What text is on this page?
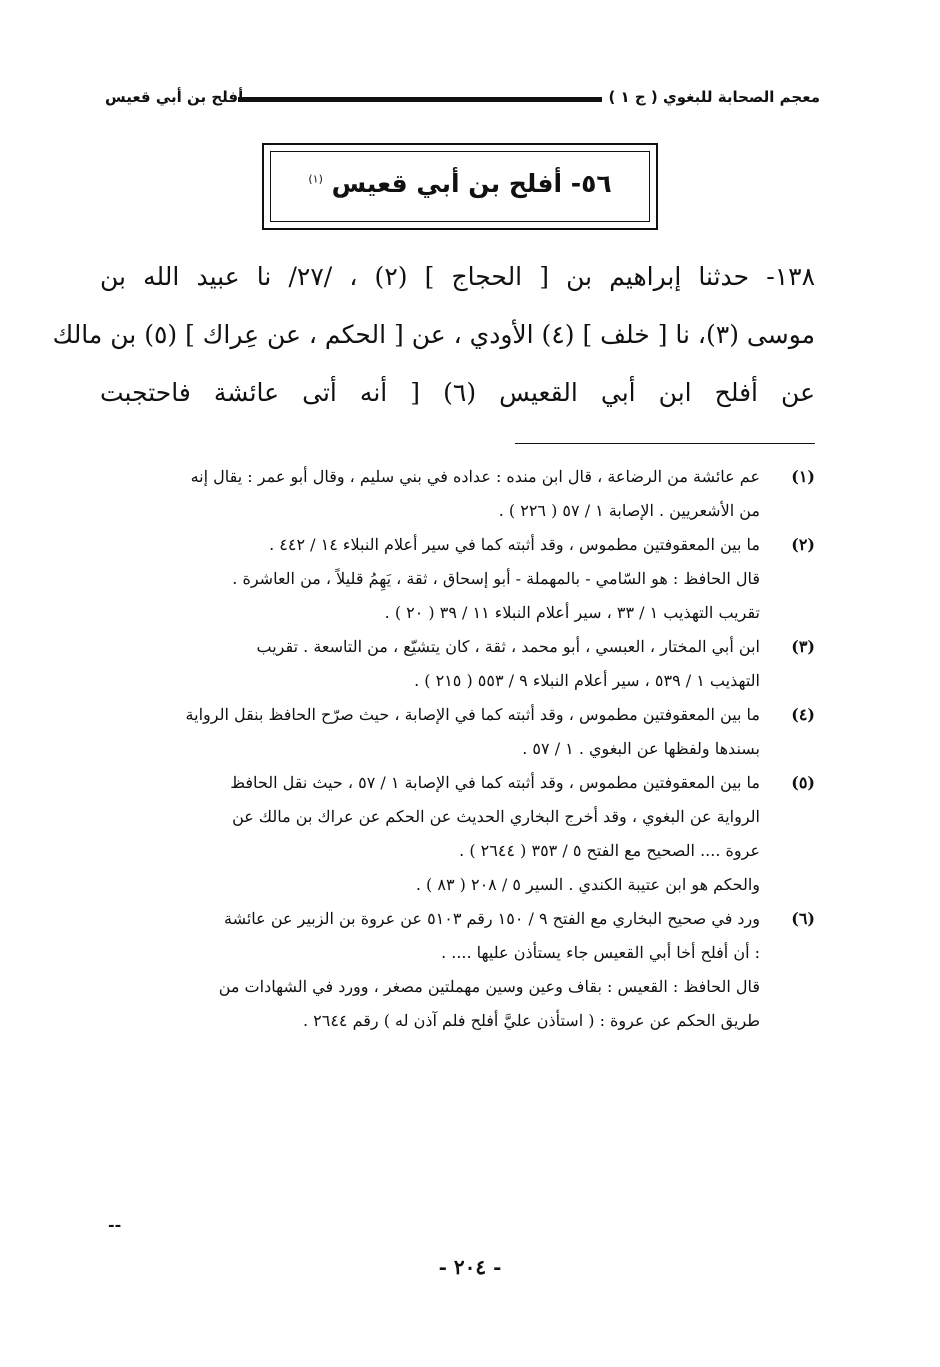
معجم الصحابة للبغوي ( ج ١ )
أفلح بن أبي قعيس
٥٦- أفلح بن أبي قعيس $^{(١)}$
١٣٨- حدثنا إبراهيم بن [ الحجاج ] (٢) ، /٢٧/ نا عبيد الله بن
موسى (٣)، نا [ خلف ] (٤) الأودي ، عن [ الحكم ، عن عِراك ] (٥) بن مالك
عن أفلح ابن أبي القعيس (٦) [ أنه أتى عائشة فاحتجبت
(١)
عم عائشة من الرضاعة ، قال ابن منده : عداده في بني سليم ، وقال أبو عمر : يقال إنه
من الأشعريين . الإصابة ١ / ٥٧ ( ٢٢٦ ) .
(٢)
ما بين المعقوفتين مطموس ، وقد أثبته كما في سير أعلام النبلاء ١٤ / ٤٤٢ .
قال الحافظ : هو السّامي - بالمهملة - أبو إسحاق ، ثقة ، يَهِمُ قليلاً ، من العاشرة .
تقريب التهذيب ١ / ٣٣ ، سير أعلام النبلاء ١١ / ٣٩ ( ٢٠ ) .
(٣)
ابن أبي المختار ، العبسي ، أبو محمد ، ثقة ، كان يتشيّع ، من التاسعة . تقريب
التهذيب ١ / ٥٣٩ ، سير أعلام النبلاء ٩ / ٥٥٣ ( ٢١٥ ) .
(٤)
ما بين المعقوفتين مطموس ، وقد أثبته كما في الإصابة ، حيث صرّح الحافظ بنقل الرواية
بسندها ولفظها عن البغوي . ١ / ٥٧ .
(٥)
ما بين المعقوفتين مطموس ، وقد أثبته كما في الإصابة ١ / ٥٧ ، حيث نقل الحافظ
الرواية عن البغوي ، وقد أخرج البخاري الحديث عن الحكم عن عراك بن مالك عن
عروة .... الصحيح مع الفتح ٥ / ٣٥٣ ( ٢٦٤٤ ) .
والحكم هو ابن عتيبة الكندي . السير ٥ / ٢٠٨ ( ٨٣ ) .
(٦)
ورد في صحيح البخاري مع الفتح ٩ / ١٥٠ رقم ٥١٠٣ عن عروة بن الزبير عن عائشة
: أن أفلح أخا أبي القعيس جاء يستأذن عليها .... .
قال الحافظ : القعيس : بقاف وعين وسين مهملتين مصغر ، وورد في الشهادات من
طريق الحكم عن عروة : ( استأذن عليَّ أفلح فلم آذن له ) رقم ٢٦٤٤ .
--
- ٢٠٤ -
